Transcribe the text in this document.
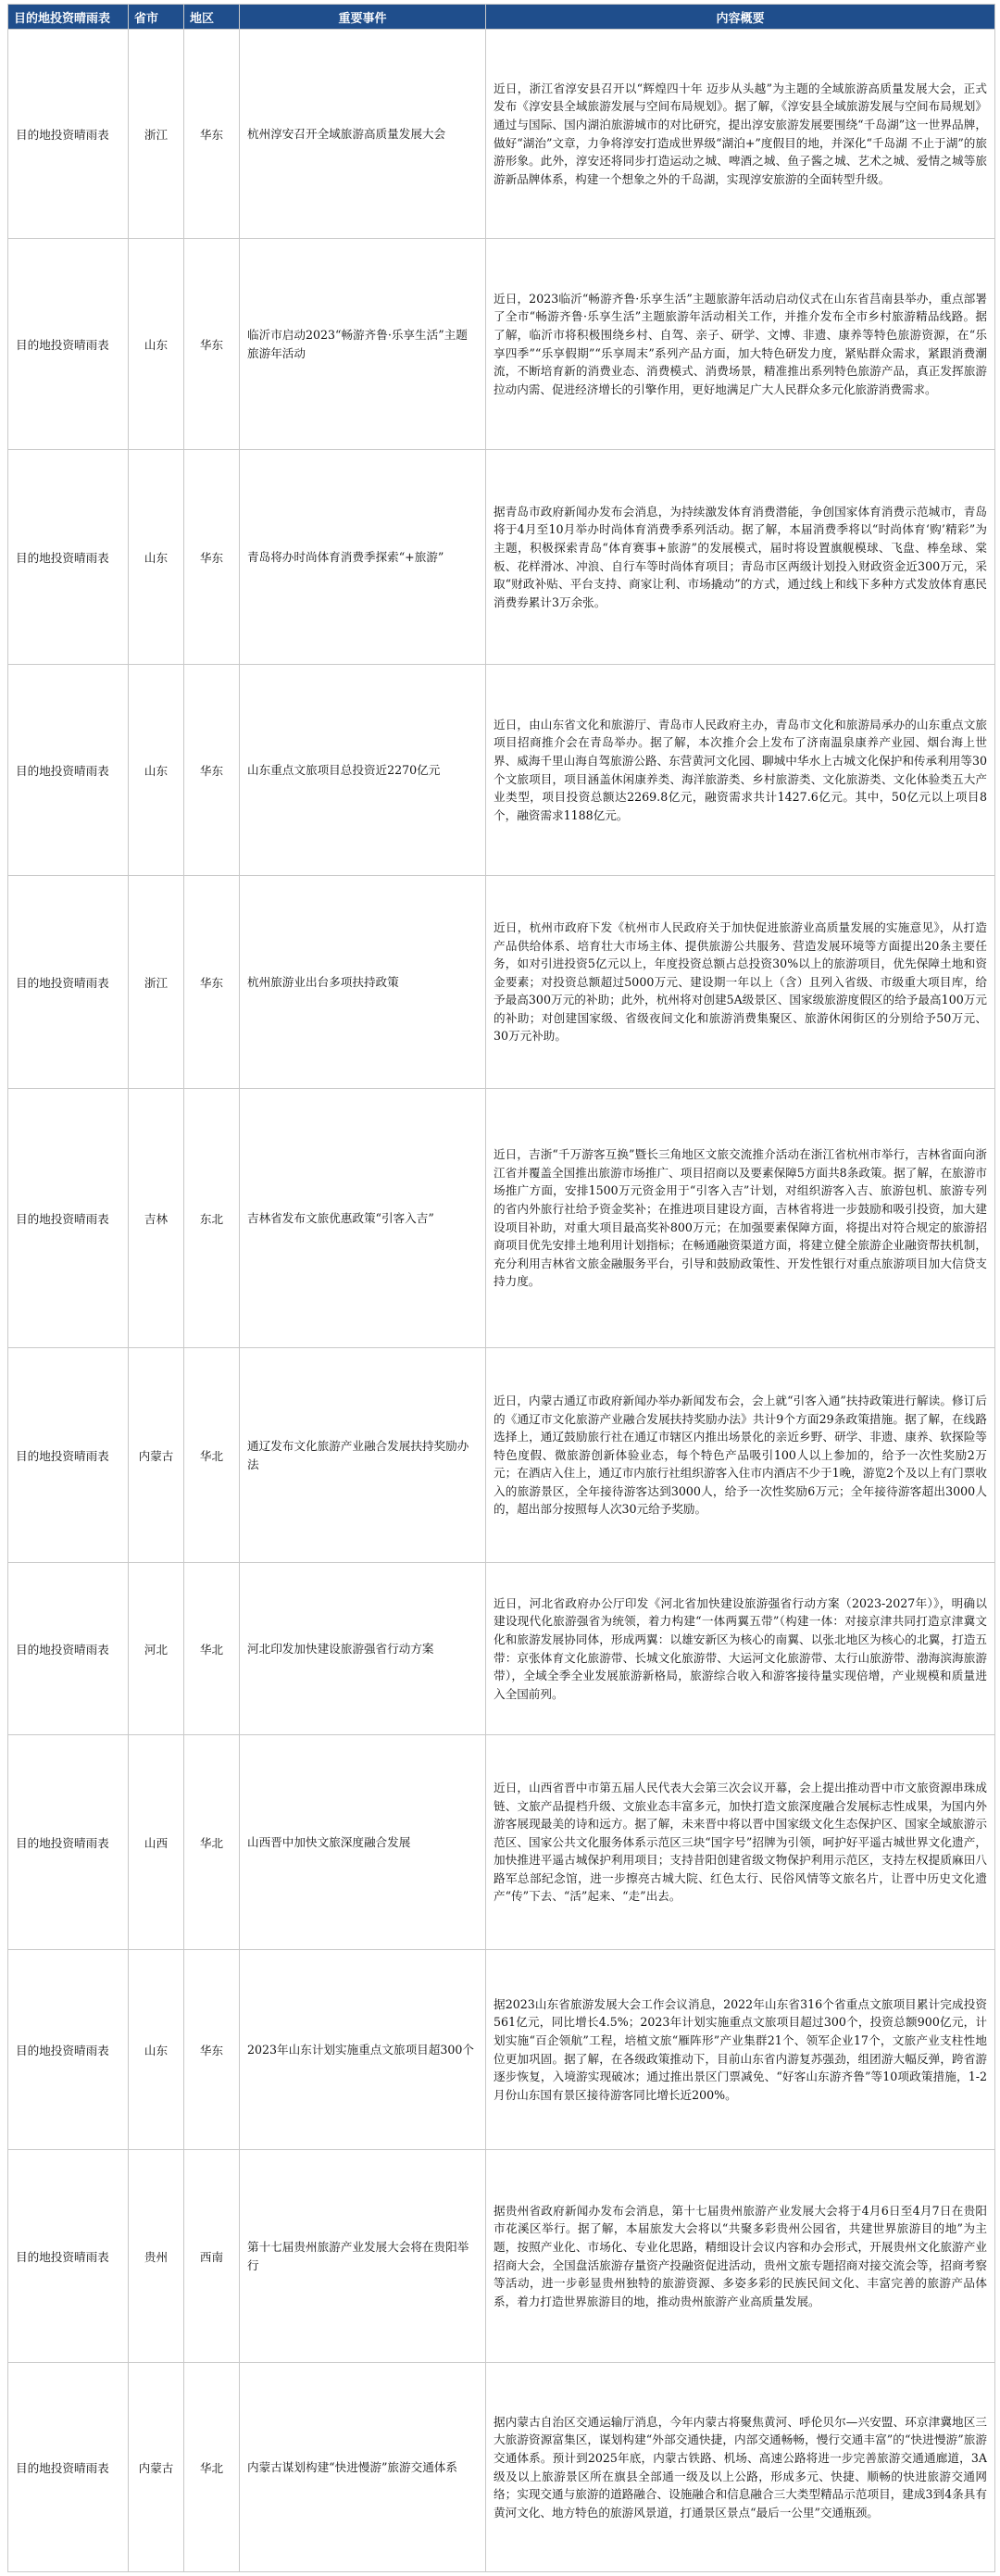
目的地投资晴雨表	省市	地区	重要事件	内容概要
目的地投资晴雨表	浙江	华东	杭州淳安召开全域旅游高质量发展大会	近日，浙江省淳安县召开以“辉煌四十年 迈步从头越”为主题的全域旅游高质量发展大会，正式发布《淳安县全域旅游发展与空间布局规划》。据了解，《淳安县全域旅游发展与空间布局规划》通过与国际、国内湖泊旅游城市的对比研究，提出淳安旅游发展要围绕“千岛湖”这一世界品牌，做好“湖治”文章，力争将淳安打造成世界级“湖泊+”度假目的地，并深化“千岛湖 不止于湖”的旅游形象。此外，淳安还将同步打造运动之城、啤酒之城、鱼子酱之城、艺术之城、爱情之城等旅游新品牌体系，构建一个想象之外的千岛湖，实现淳安旅游的全面转型升级。
目的地投资晴雨表	山东	华东	临沂市启动2023“畅游齐鲁·乐享生活”主题旅游年活动	近日，2023临沂“畅游齐鲁·乐享生活”主题旅游年活动启动仪式在山东省莒南县举办，重点部署了全市“畅游齐鲁·乐享生活”主题旅游年活动相关工作，并推介发布全市乡村旅游精品线路。据了解，临沂市将积极围绕乡村、自驾、亲子、研学、文博、非遗、康养等特色旅游资源，在“乐享四季”“乐享假期”“乐享周末”系列产品方面，加大特色研发力度，紧贴群众需求，紧跟消费潮流，不断培育新的消费业态、消费模式、消费场景，精准推出系列特色旅游产品，真正发挥旅游拉动内需、促进经济增长的引擎作用，更好地满足广大人民群众多元化旅游消费需求。
目的地投资晴雨表	山东	华东	青岛将办时尚体育消费季探索“+旅游”	据青岛市政府新闻办发布会消息，为持续激发体育消费潜能，争创国家体育消费示范城市，青岛将于4月至10月举办时尚体育消费季系列活动。据了解，本届消费季将以“时尚体育‘购’精彩”为主题，积极探索青岛“体育赛事+旅游”的发展模式，届时将设置旗舰模球、飞盘、棒垒球、棠板、花样滑冰、冲浪、自行车等时尚体育项目；青岛市区两级计划投入财政资金近300万元，采取“财政补贴、平台支持、商家让利、市场撬动”的方式，通过线上和线下多种方式发放体育惠民消费券累计3万余张。
目的地投资晴雨表	山东	华东	山东重点文旅项目总投资近2270亿元	近日，由山东省文化和旅游厅、青岛市人民政府主办，青岛市文化和旅游局承办的山东重点文旅项目招商推介会在青岛举办。据了解，本次推介会上发布了济南温泉康养产业园、烟台海上世界、威海千里山海自驾旅游公路、东营黄河文化园、聊城中华水上古城文化保护和传承利用等30个文旅项目，项目涵盖休闲康养类、海洋旅游类、乡村旅游类、文化旅游类、文化体验类五大产业类型，项目投资总额达2269.8亿元，融资需求共计1427.6亿元。其中，50亿元以上项目8个，融资需求1188亿元。
目的地投资晴雨表	浙江	华东	杭州旅游业出台多项扶持政策	近日，杭州市政府下发《杭州市人民政府关于加快促进旅游业高质量发展的实施意见》，从打造产品供给体系、培育壮大市场主体、提供旅游公共服务、营造发展环境等方面提出20条主要任务，如对引进投资5亿元以上，年度投资总额占总投资30%以上的旅游项目，优先保障土地和资金要素；对投资总额超过5000万元、建设期一年以上（含）且列入省级、市级重大项目库，给予最高300万元的补助；此外，杭州将对创建5A级景区、国家级旅游度假区的给予最高100万元的补助；对创建国家级、省级夜间文化和旅游消费集聚区、旅游休闲街区的分别给予50万元、30万元补助。
目的地投资晴雨表	吉林	东北	吉林省发布文旅优惠政策“引客入吉”	近日，吉浙“千万游客互换”暨长三角地区文旅交流推介活动在浙江省杭州市举行，吉林省面向浙江省并覆盖全国推出旅游市场推广、项目招商以及要素保障5方面共8条政策。据了解，在旅游市场推广方面，安排1500万元资金用于“引客入吉”计划，对组织游客入吉、旅游包机、旅游专列的省内外旅行社给予资金奖补；在推进项目建设方面，吉林省将进一步鼓励和吸引投资，加大建设项目补助，对重大项目最高奖补800万元；在加强要素保障方面，将提出对符合规定的旅游招商项目优先安排土地利用计划指标；在畅通融资渠道方面，将建立健全旅游企业融资帮扶机制，充分利用吉林省文旅金融服务平台，引导和鼓励政策性、开发性银行对重点旅游项目加大信贷支持力度。
目的地投资晴雨表	内蒙古	华北	通辽发布文化旅游产业融合发展扶持奖励办法	近日，内蒙古通辽市政府新闻办举办新闻发布会，会上就“引客入通”扶持政策进行解读。修订后的《通辽市文化旅游产业融合发展扶持奖励办法》共计9个方面29条政策措施。据了解，在线路选择上，通辽鼓励旅行社在通辽市辖区内推出场景化的亲近乡野、研学、非遗、康养、软探险等特色度假、微旅游创新体验业态，每个特色产品吸引100人以上参加的，给予一次性奖励2万元；在酒店入住上，通辽市内旅行社组织游客入住市内酒店不少于1晚，游览2个及以上有门票收入的旅游景区，全年接待游客达到3000人，给予一次性奖励6万元；全年接待游客超出3000人的，超出部分按照每人次30元给予奖励。
目的地投资晴雨表	河北	华北	河北印发加快建设旅游强省行动方案	近日，河北省政府办公厅印发《河北省加快建设旅游强省行动方案（2023-2027年）》，明确以建设现代化旅游强省为统领，着力构建“一体两翼五带”（构建一体：对接京津共同打造京津冀文化和旅游发展协同体，形成两翼：以雄安新区为核心的南翼、以张北地区为核心的北翼，打造五带：京张体育文化旅游带、长城文化旅游带、大运河文化旅游带、太行山旅游带、渤海滨海旅游带），全域全季全业发展旅游新格局，旅游综合收入和游客接待量实现倍增，产业规模和质量进入全国前列。
目的地投资晴雨表	山西	华北	山西晋中加快文旅深度融合发展	近日，山西省晋中市第五届人民代表大会第三次会议开幕，会上提出推动晋中市文旅资源串珠成链、文旅产品提档升级、文旅业态丰富多元，加快打造文旅深度融合发展标志性成果，为国内外游客展现最美的诗和远方。据了解，未来晋中将以晋中国家级文化生态保护区、国家全域旅游示范区、国家公共文化服务体系示范区三块“国字号”招牌为引领，呵护好平遥古城世界文化遗产，加快推进平遥古城保护利用项目；支持昔阳创建省级文物保护利用示范区，支持左权提质麻田八路军总部纪念馆，进一步擦亮古城大院、红色太行、民俗风情等文旅名片，让晋中历史文化遗产“传”下去、“活”起来、“走”出去。
目的地投资晴雨表	山东	华东	2023年山东计划实施重点文旅项目超300个	据2023山东省旅游发展大会工作会议消息，2022年山东省316个省重点文旅项目累计完成投资561亿元，同比增长4.5%；2023年计划实施重点文旅项目超过300个，投资总额900亿元，计划实施“百企领航”工程，培植文旅“雁阵形”产业集群21个、领军企业17个，文旅产业支柱性地位更加巩固。据了解，在各级政策推动下，目前山东省内游复苏强劲，组团游大幅反弹，跨省游逐步恢复，入境游实现破冰；通过推出景区门票减免、“好客山东游齐鲁”等10项政策措施，1-2月份山东国有景区接待游客同比增长近200%。
目的地投资晴雨表	贵州	西南	第十七届贵州旅游产业发展大会将在贵阳举行	据贵州省政府新闻办发布会消息，第十七届贵州旅游产业发展大会将于4月6日至4月7日在贵阳市花溪区举行。据了解，本届旅发大会将以“共聚多彩贵州公园省，共建世界旅游目的地”为主题，按照产业化、市场化、专业化思路，精细设计会议内容和办会形式，开展贵州文化旅游产业招商大会，全国盘活旅游存量资产投融资促进活动，贵州文旅专题招商对接交流会等，招商考察等活动，进一步彰显贵州独特的旅游资源、多姿多彩的民族民间文化、丰富完善的旅游产品体系，着力打造世界旅游目的地，推动贵州旅游产业高质量发展。
目的地投资晴雨表	内蒙古	华北	内蒙古谋划构建“快进慢游”旅游交通体系	据内蒙古自治区交通运输厅消息，今年内蒙古将聚焦黄河、呼伦贝尔—兴安盟、环京津冀地区三大旅游资源富集区，谋划构建“外部交通快捷，内部交通畅畅，慢行交通丰富”的“快进慢游”旅游交通体系。预计到2025年底，内蒙古铁路、机场、高速公路将进一步完善旅游交通通廊道，3A级及以上旅游景区所在旗县全部通一级及以上公路，形成多元、快捷、顺畅的快进旅游交通网络；实现交通与旅游的道路融合、设施融合和信息融合三大类型精品示范项目，建成3到4条具有黄河文化、地方特色的旅游风景道，打通景区景点“最后一公里”交通瓶颈。
